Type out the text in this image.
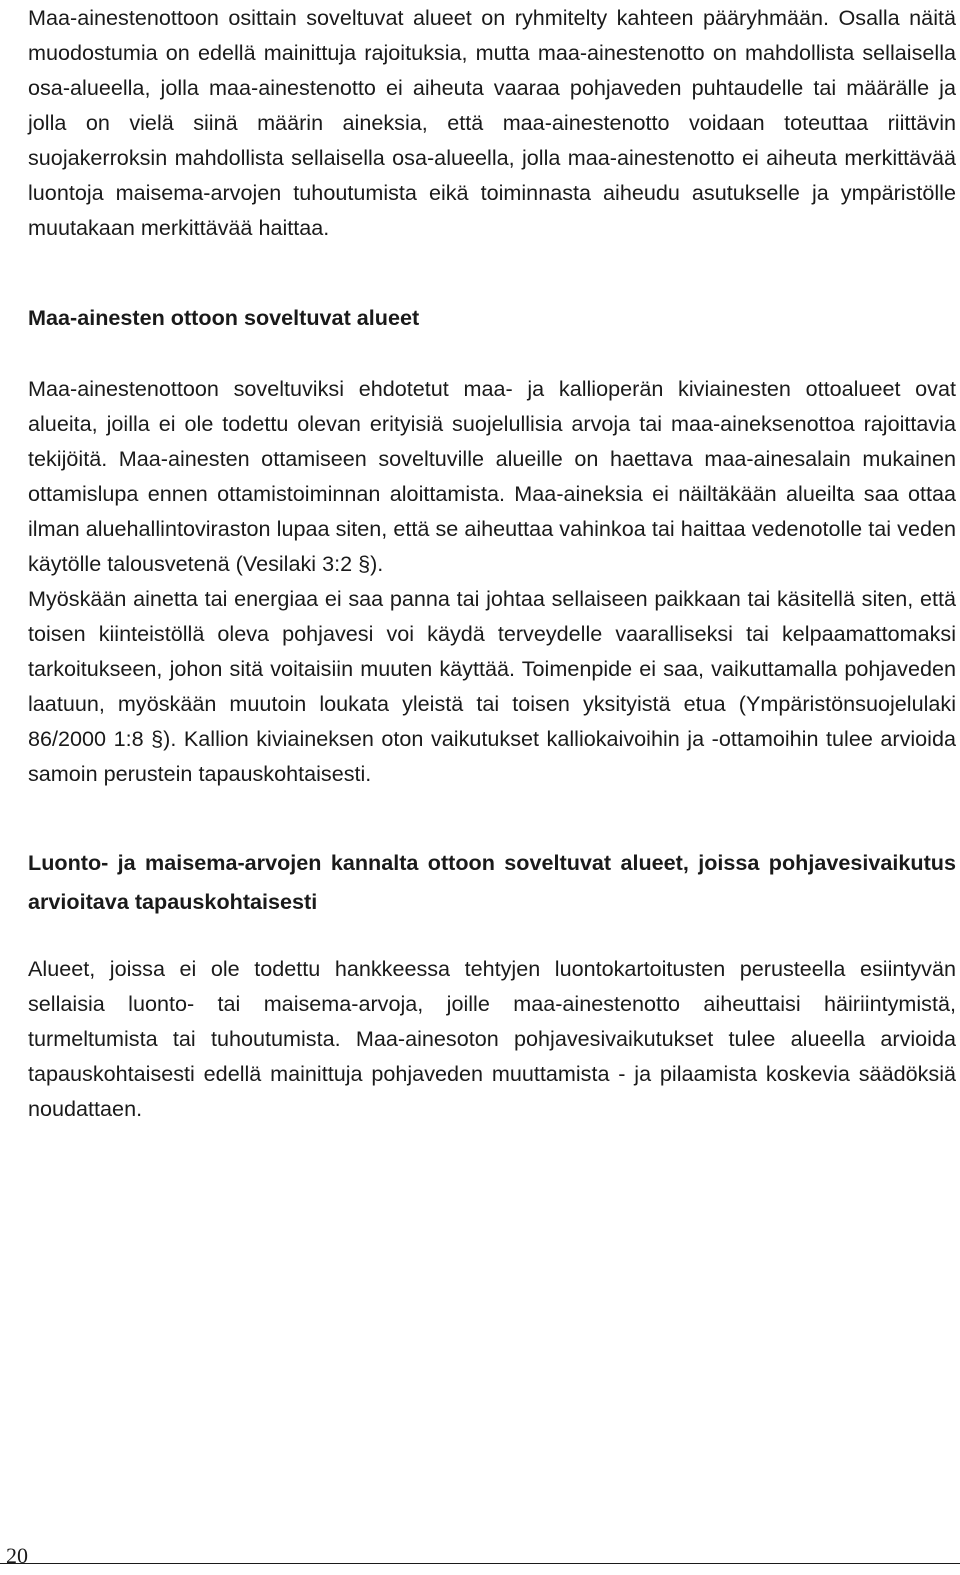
Maa-ainestenottoon osittain soveltuvat alueet on ryhmitelty kahteen pääryhmään. Osalla näitä muodostumia on edellä mainittuja rajoituksia, mutta maa-ainestenotto on mahdollista sellaisella osa-alueella, jolla maa-ainestenotto ei aiheuta vaaraa pohjaveden puhtaudelle tai määrälle ja jolla on vielä siinä määrin aineksia, että maa-ainestenotto voidaan toteuttaa riittävin suojakerroksin mahdollista sellaisella osa-alueella, jolla maa-ainestenotto ei aiheuta merkittävää luontoja maisema-arvojen tuhoutumista eikä toiminnasta aiheudu asutukselle ja ympäristölle muutakaan merkittävää haittaa.

Maa-ainesten ottoon soveltuvat alueet

Maa-ainestenottoon soveltuviksi ehdotetut maa- ja kallioperän kiviainesten ottoalueet ovat alueita, joilla ei ole todettu olevan erityisiä suojelullisia arvoja tai maa-aineksenottoa rajoittavia tekijöitä. Maa-ainesten ottamiseen soveltuville alueille on haettava maa-ainesalain mukainen ottamislupa ennen ottamistoiminnan aloittamista. Maa-aineksia ei näiltäkään alueilta saa ottaa ilman aluehallintoviraston lupaa siten, että se aiheuttaa vahinkoa tai haittaa vedenotolle tai veden käytölle talousvetenä (Vesilaki 3:2 §).

Myöskään ainetta tai energiaa ei saa panna tai johtaa sellaiseen paikkaan tai käsitellä siten, että toisen kiinteistöllä oleva pohjavesi voi käydä terveydelle vaaralliseksi tai kelpaamattomaksi tarkoitukseen, johon sitä voitaisiin muuten käyttää. Toimenpide ei saa, vaikuttamalla pohjaveden laatuun, myöskään muutoin loukata yleistä tai toisen yksityistä etua (Ympäristönsuojelulaki 86/2000 1:8 §). Kallion kiviaineksen oton vaikutukset kalliokaivoihin ja -ottamoihin tulee arvioida samoin perustein tapauskohtaisesti.

Luonto- ja maisema-arvojen kannalta ottoon soveltuvat alueet, joissa pohjavesivaikutus arvioitava tapauskohtaisesti

Alueet, joissa ei ole todettu hankkeessa tehtyjen luontokartoitusten perusteella esiintyvän sellaisia luonto- tai maisema-arvoja, joille maa-ainestenotto aiheuttaisi häiriintymistä, turmeltumista tai tuhoutumista. Maa-ainesoton pohjavesivaikutukset tulee alueella arvioida tapauskohtaisesti edellä mainittuja pohjaveden muuttamista - ja pilaamista koskevia säädöksiä noudattaen.

20
